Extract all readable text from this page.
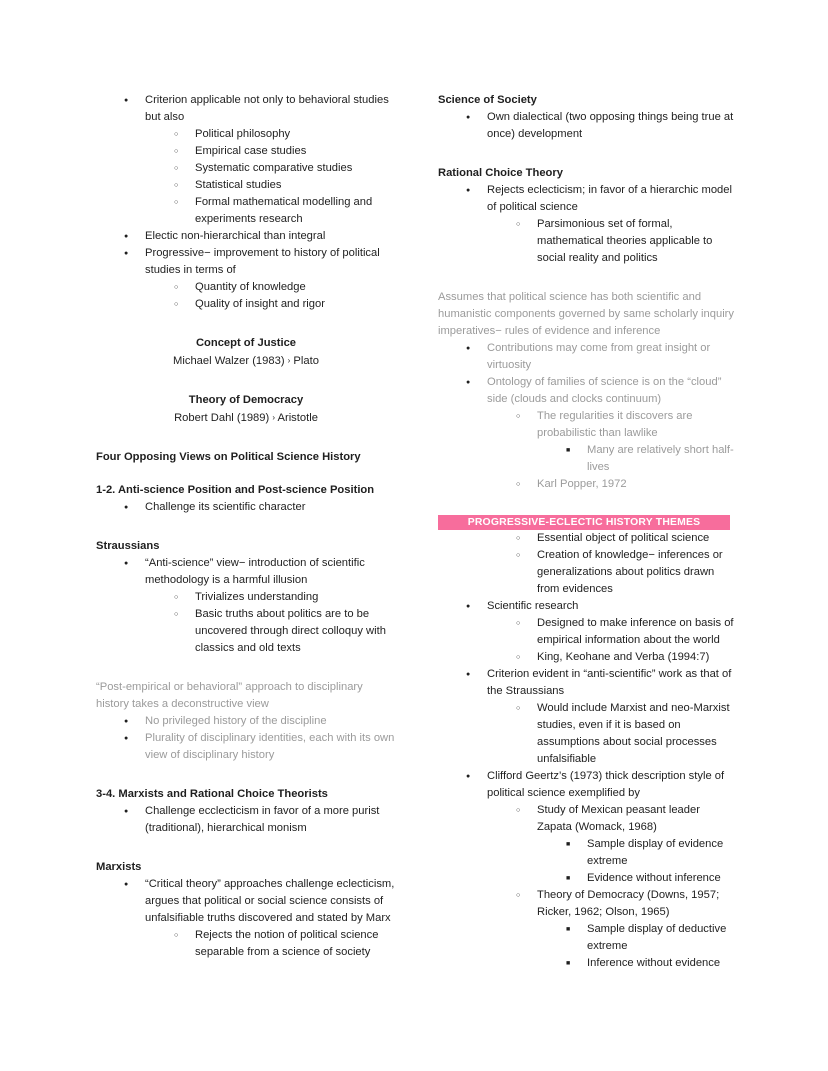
●
Criterion applicable not only to behavioral studies but also
○
Political philosophy
○
Empirical case studies
○
Systematic comparative studies
○
Statistical studies
○
Formal mathematical modelling and experiments research
●
Electic non-hierarchical than integral
●
Progressive− improvement to history of political studies in terms of
○
Quantity of knowledge
○
Quality of insight and rigor

Concept of Justice

Michael Walzer (1983) › Plato

Theory of Democracy

Robert Dahl (1989) › Aristotle

Four Opposing Views on Political Science History

1-2. Anti-science Position and Post-science Position

●
Challenge its scientific character

Straussians

●
“Anti-science” view− introduction of scientific methodology is a harmful illusion
○
Trivializes understanding
○
Basic truths about politics are to be uncovered through direct colloquy with classics and old texts

“Post-empirical or behavioral” approach to disciplinary history takes a deconstructive view

●
No privileged history of the discipline
●
Plurality of disciplinary identities, each with its own view of disciplinary history

3-4. Marxists and Rational Choice Theorists

●
Challenge ecclecticism in favor of a more purist (traditional), hierarchical monism

Marxists

●
“Critical theory” approaches challenge eclecticism, argues that political or social science consists of unfalsifiable truths discovered and stated by Marx
○
Rejects the notion of political science separable from a science of society

Science of Society

●
Own dialectical (two opposing things being true at once) development

Rational Choice Theory

●
Rejects eclecticism; in favor of a hierarchic model of political science
○
Parsimonious set of formal, mathematical theories applicable to social reality and politics

Assumes that political science has both scientific and humanistic components governed by same scholarly inquiry imperatives− rules of evidence and inference

●
Contributions may come from great insight or virtuosity
●
Ontology of families of science is on the “cloud” side (clouds and clocks continuum)
○
The regularities it discovers are probabilistic than lawlike
■
Many are relatively short half-lives
○
Karl Popper, 1972
PROGRESSIVE-ECLECTIC HISTORY THEMES
○
Essential object of political science
○
Creation of knowledge− inferences or generalizations about politics drawn from evidences
●
Scientific research
○
Designed to make inference on basis of empirical information about the world
○
King, Keohane and Verba (1994:7)
●
Criterion evident in “anti-scientific” work as that of the Straussians
○
Would include Marxist and neo-Marxist studies, even if it is based on assumptions about social processes unfalsifiable
●
Clifford Geertz’s (1973) thick description style of political science exemplified by
○
Study of Mexican peasant leader Zapata (Womack, 1968)
■
Sample display of evidence extreme
■
Evidence without inference
○
Theory of Democracy (Downs, 1957; Ricker, 1962; Olson, 1965)
■
Sample display of deductive extreme
■
Inference without evidence
